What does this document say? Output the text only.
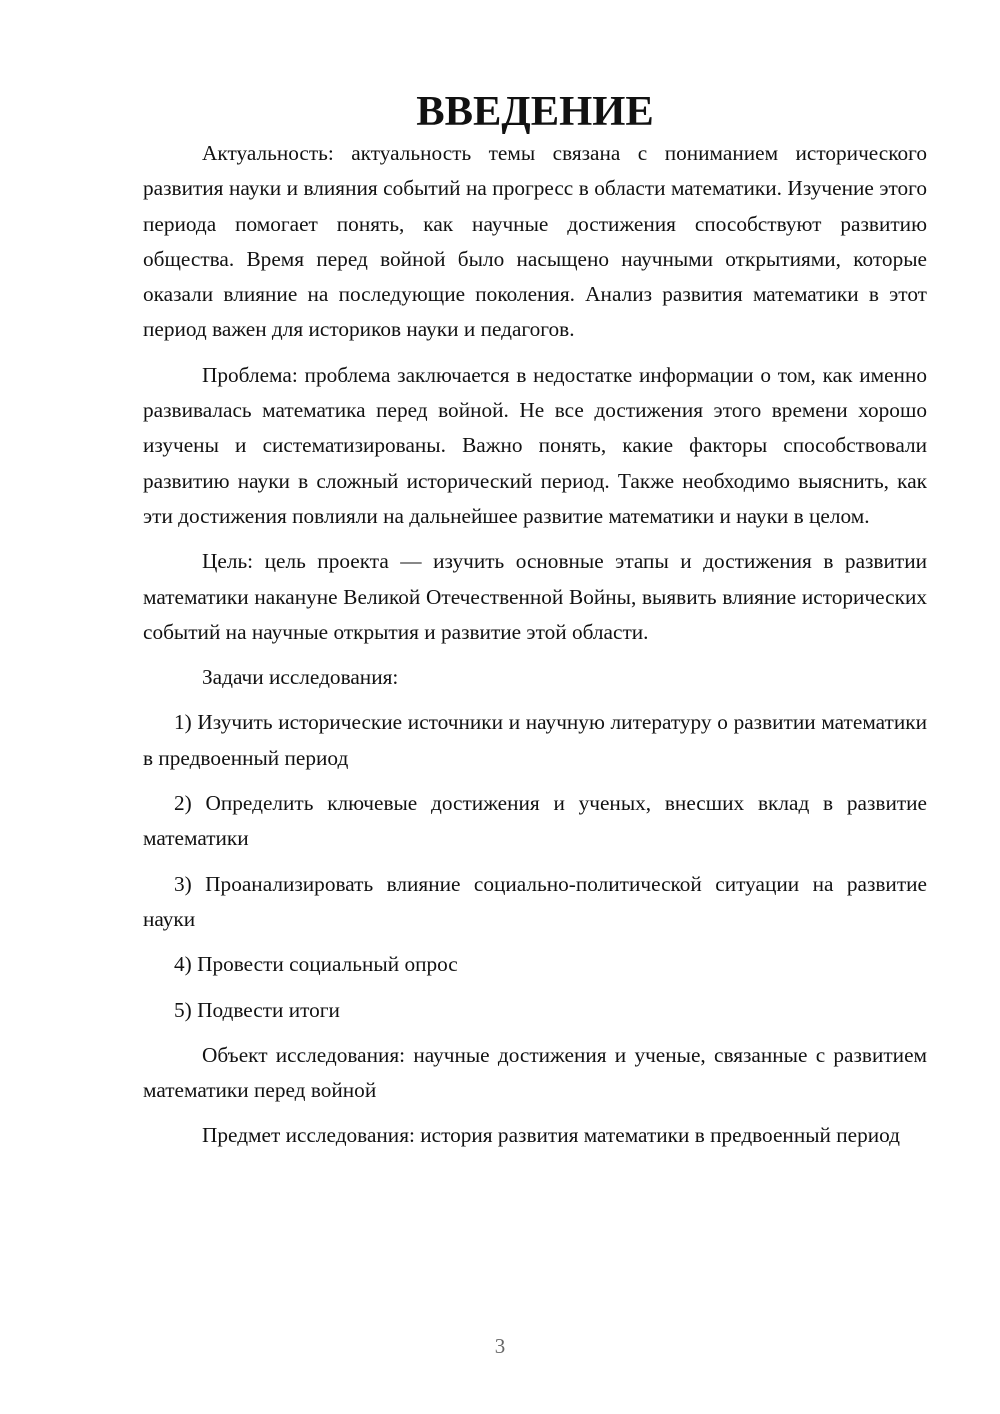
ВВЕДЕНИЕ

Актуальность: актуальность темы связана с пониманием исторического развития науки и влияния событий на прогресс в области математики. Изучение этого периода помогает понять, как научные достижения способствуют развитию общества. Время перед войной было насыщено научными открытиями, которые оказали влияние на последующие поколения. Анализ развития математики в этот период важен для историков науки и педагогов.

Проблема: проблема заключается в недостатке информации о том, как именно развивалась математика перед войной. Не все достижения этого времени хорошо изучены и систематизированы. Важно понять, какие факторы способствовали развитию науки в сложный исторический период. Также необходимо выяснить, как эти достижения повлияли на дальнейшее развитие математики и науки в целом.

Цель: цель проекта — изучить основные этапы и достижения в развитии математики накануне Великой Отечественной Войны, выявить влияние исторических событий на научные открытия и развитие этой области.

Задачи исследования:

1) Изучить исторические источники и научную литературу о развитии математики в предвоенный период

2) Определить ключевые достижения и ученых, внесших вклад в развитие математики

3) Проанализировать влияние социально-политической ситуации на развитие науки

4) Провести социальный опрос

5) Подвести итоги

Объект исследования: научные достижения и ученые, связанные с развитием математики перед войной

Предмет исследования: история развития математики в предвоенный период

3
